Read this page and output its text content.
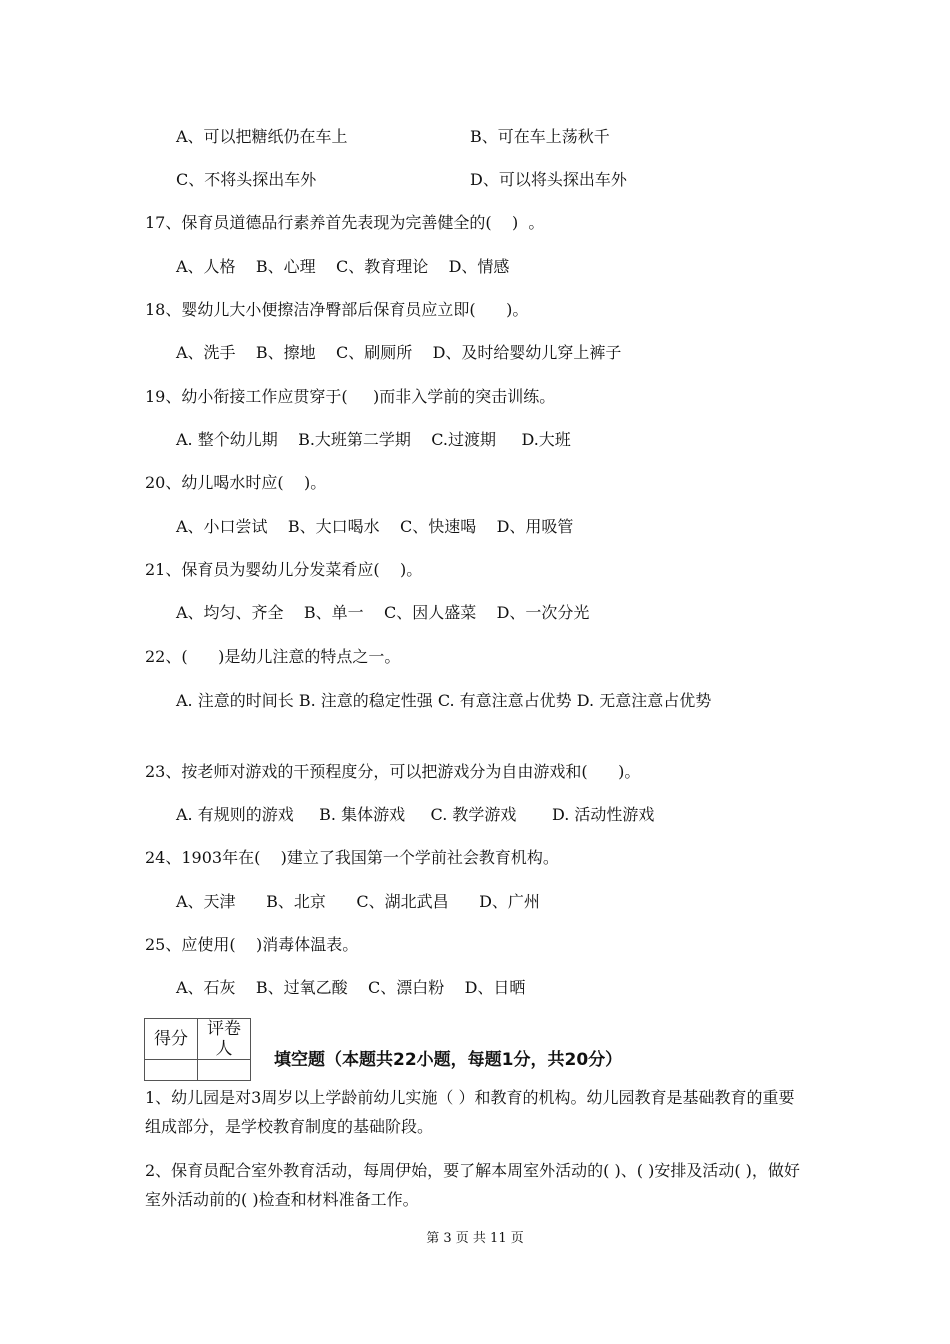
A、可以把糖纸仍在车上	B、可在车上荡秋千
C、不将头探出车外	D、可以将头探出车外
17、保育员道德品行素养首先表现为完善健全的(    )  。
A、人格    B、心理    C、教育理论    D、情感
18、婴幼儿大小便擦洁净臀部后保育员应立即(      )。
A、洗手    B、擦地    C、刷厕所    D、及时给婴幼儿穿上裤子
19、幼小衔接工作应贯穿于(     )而非入学前的突击训练。
A. 整个幼儿期    B.大班第二学期    C.过渡期     D.大班
20、幼儿喝水时应(    )。
A、小口尝试    B、大口喝水    C、快速喝    D、用吸管
21、保育员为婴幼儿分发菜肴应(    )。
A、均匀、齐全    B、单一    C、因人盛菜    D、一次分光
22、(      )是幼儿注意的特点之一。
A. 注意的时间长 B. 注意的稳定性强 C. 有意注意占优势 D. 无意注意占优势
23、按老师对游戏的干预程度分，可以把游戏分为自由游戏和(      )。
A. 有规则的游戏     B. 集体游戏     C. 教学游戏       D. 活动性游戏
24、1903年在(    )建立了我国第一个学前社会教育机构。
A、天津      B、北京      C、湖北武昌      D、广州
25、应使用(    )消毒体温表。
A、石灰    B、过氧乙酸    C、漂白粉    D、日晒
得分	评卷人

填空题（本题共22小题，每题1分，共20分）
1、幼儿园是对3周岁以上学龄前幼儿实施（ ）和教育的机构。幼儿园教育是基础教育的重要组成部分，是学校教育制度的基础阶段。
2、保育员配合室外教育活动，每周伊始，要了解本周室外活动的( )、( )安排及活动( )，做好室外活动前的( )检查和材料准备工作。
第 3 页 共 11 页
